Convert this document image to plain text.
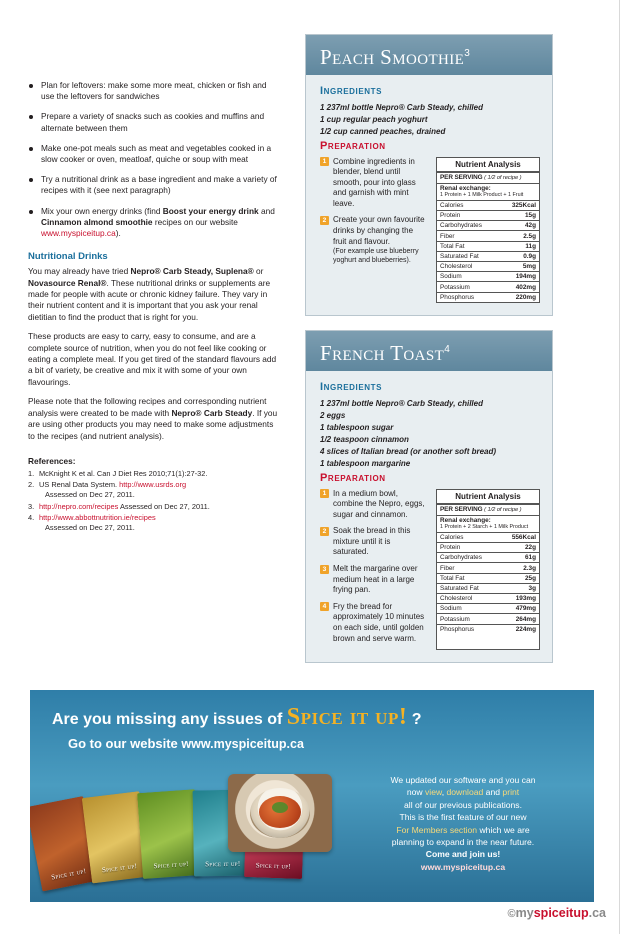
Plan for leftovers: make some more meat, chicken or fish and use the leftovers for sandwiches
Prepare a variety of snacks such as cookies and muffins and alternate between them
Make one-pot meals such as meat and vegetables cooked in a slow cooker or oven, meatloaf, quiche or soup with meat
Try a nutritional drink as a base ingredient and make a variety of recipes with it (see next paragraph)
Mix your own energy drinks (find Boost your energy drink and Cinnamon almond smoothie recipes on our website www.myspiceitup.ca).
Nutritional Drinks

You may already have tried Nepro® Carb Steady, Suplena® or Novasource Renal®. These nutritional drinks or supplements are made for people with acute or chronic kidney failure. They vary in their nutrient content and it is important that you ask your renal dietitian to find the product that is right for you.

These products are easy to carry, easy to consume, and are a complete source of nutrition, when you do not feel like cooking or eating a complete meal. If you get tired of the standard flavours add a bit of variety, be creative and mix it with some of your own flavourings.

Please note that the following recipes and corresponding nutrient analysis were created to be made with Nepro® Carb Steady. If you are using other products you may need to make some adjustments to the recipes (and nutrient analysis).

References:
1. McKnight K et al. Can J Diet Res 2010;71(1):27-32.
2. US Renal Data System. http://www.usrds.org
Assessed on Dec 27, 2011.
3. http://nepro.com/recipes Assessed on Dec 27, 2011.
4. http://www.abbottnutrition.ie/recipes
Assessed on Dec 27, 2011.
Peach Smoothie3
Ingredients
1 237ml bottle Nepro® Carb Steady, chilled
1 cup regular peach yoghurt
1/2 cup canned peaches, drained
Preparation
1 Combine ingredients in blender, blend until smooth, pour into glass and garnish with mint leave.
2 Create your own favourite drinks by changing the fruit and flavour.
(For example use blueberry yoghurt and blueberries).
Nutrient Analysis
PER SERVING ( 1/2 of recipe )
Renal exchange:
1 Protein + 1 Milk Product + 1 Fruit
Calories	325Kcal
Protein	15g
Carbohydrates	42g
Fiber	2.5g
Total Fat	11g
Saturated Fat	0.9g
Cholesterol	5mg
Sodium	194mg
Potassium	402mg
Phosphorus	220mg
French Toast4
Ingredients
1 237ml bottle Nepro® Carb Steady, chilled
2 eggs
1 tablespoon sugar
1/2 teaspoon cinnamon
4 slices of Italian bread (or another soft bread)
1 tablespoon margarine
Preparation
1 In a medium bowl, combine the Nepro, eggs, sugar and cinnamon.
2 Soak the bread in this mixture until it is saturated.
3 Melt the margarine over medium heat in a large frying pan.
4 Fry the bread for approximately 10 minutes on each side, until golden brown and serve warm.
Nutrient Analysis
PER SERVING ( 1/2 of recipe )
Renal exchange:
1 Protein + 2 Starch + 1 Milk Product
Calories	556Kcal
Protein	22g
Carbohydrates	61g
Fiber	2.3g
Total Fat	25g
Saturated Fat	3g
Cholesterol	193mg
Sodium	479mg
Potassium	264mg
Phosphorus	224mg
Are you missing any issues of Spice it up! ?
Go to our website www.myspiceitup.ca
Spice it up!	Spice it up!	Spice it up!	Spice it up!	Spice it up!
We updated our software and you can
now view, download and print
all of our previous publications.
This is the first feature of our new
For Members section which we are
planning to expand in the near future.
Come and join us!
www.myspiceitup.ca
©myspiceitup.ca
